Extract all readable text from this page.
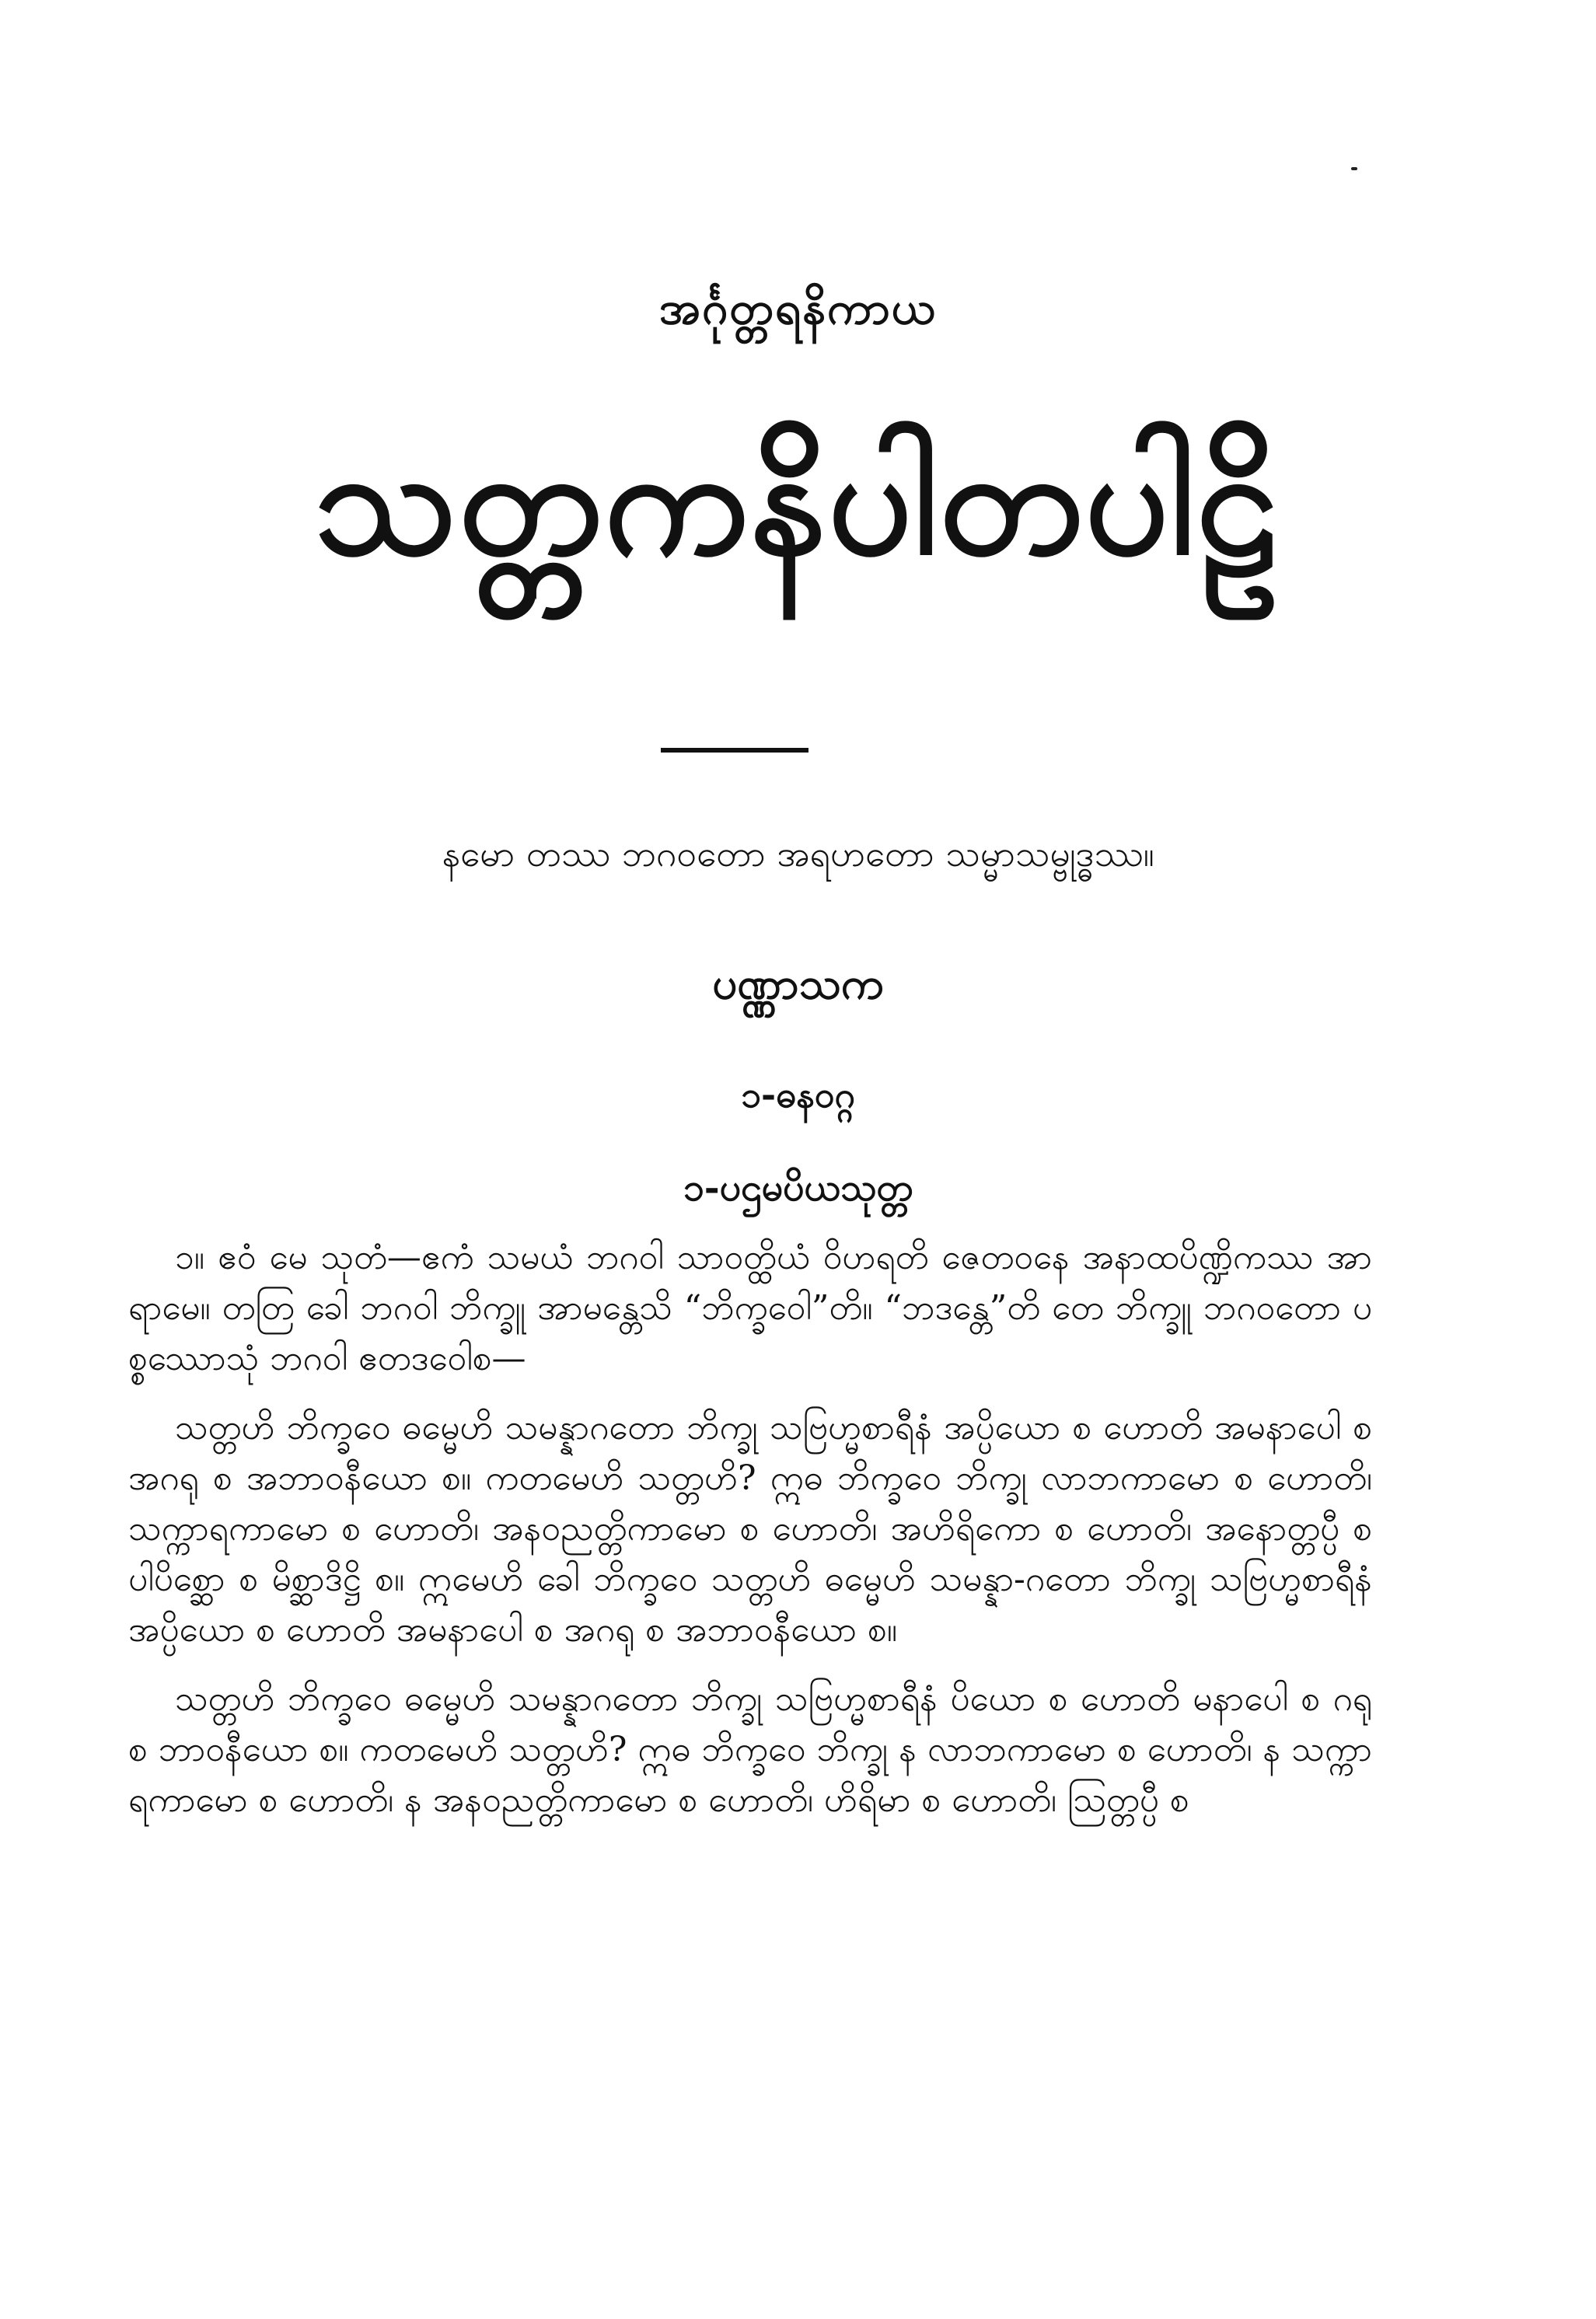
အင်္ဂုတ္တရနိကာယ
သတ္တကနိပါတပါဠိ
နမော တဿ ဘဂဝတော အရဟတော သမ္မာသမ္ဗုဒ္ဓဿ။
ပဏ္ဏာသက
၁-ဓနဝဂ္ဂ
၁-ပဌမပိယသုတ္တ

၁။ ဧဝံ မေ သုတံ—ဧကံ သမယံ ဘဂဝါ သာဝတ္ထိယံ ဝိဟရတိ ဇေတဝနေ အနာထပိဏ္ဍိကဿ အာရာမေ။ တတြ ခေါ ဘဂဝါ ဘိက္ခူ အာမန္တေသိ “ဘိက္ခဝေါ”တိ။ “ဘဒန္တေ”တိ တေ ဘိက္ခူ ဘဂဝတော ပစ္စဿောသုံ ဘဂဝါ ဧတဒဝေါစ—

သတ္တဟိ ဘိက္ခဝေ ဓမ္မေဟိ သမန္နာဂတော ဘိက္ခု သဗြဟ္မစာရီနံ အပ္ပိယော စ ဟောတိ အမနာပေါ စ အဂရု စ အဘာဝနီယော စ။ ကတမေဟိ သတ္တဟိ? ဣဓ ဘိက္ခဝေ ဘိက္ခု လာဘကာမော စ ဟောတိ၊ သက္ကာရကာမော စ ဟောတိ၊ အနဝညတ္တိကာမော စ ဟောတိ၊ အဟိရိကော စ ဟောတိ၊ အနောတ္တပ္ပီ စ ပါပိစ္ဆော စ မိစ္ဆာဒိဋ္ဌိ စ။ ဣမေဟိ ခေါ ဘိက္ခဝေ သတ္တဟိ ဓမ္မေဟိ သမန္နာ-ဂတော ဘိက္ခု သဗြဟ္မစာရီနံ အပ္ပိယော စ ဟောတိ အမနာပေါ စ အဂရု စ အဘာဝနီယော စ။

သတ္တဟိ ဘိက္ခဝေ ဓမ္မေဟိ သမန္နာဂတော ဘိက္ခု သဗြဟ္မစာရီနံ ပိယော စ ဟောတိ မနာပေါ စ ဂရု စ ဘာဝနီယော စ။ ကတမေဟိ သတ္တဟိ? ဣဓ ဘိက္ခဝေ ဘိက္ခု န လာဘကာမော စ ဟောတိ၊ န သက္ကာရကာမော စ ဟောတိ၊ န အနဝညတ္တိကာမော စ ဟောတိ၊ ဟိရိမာ စ ဟောတိ၊ ဩတ္တပ္ပီ စ
